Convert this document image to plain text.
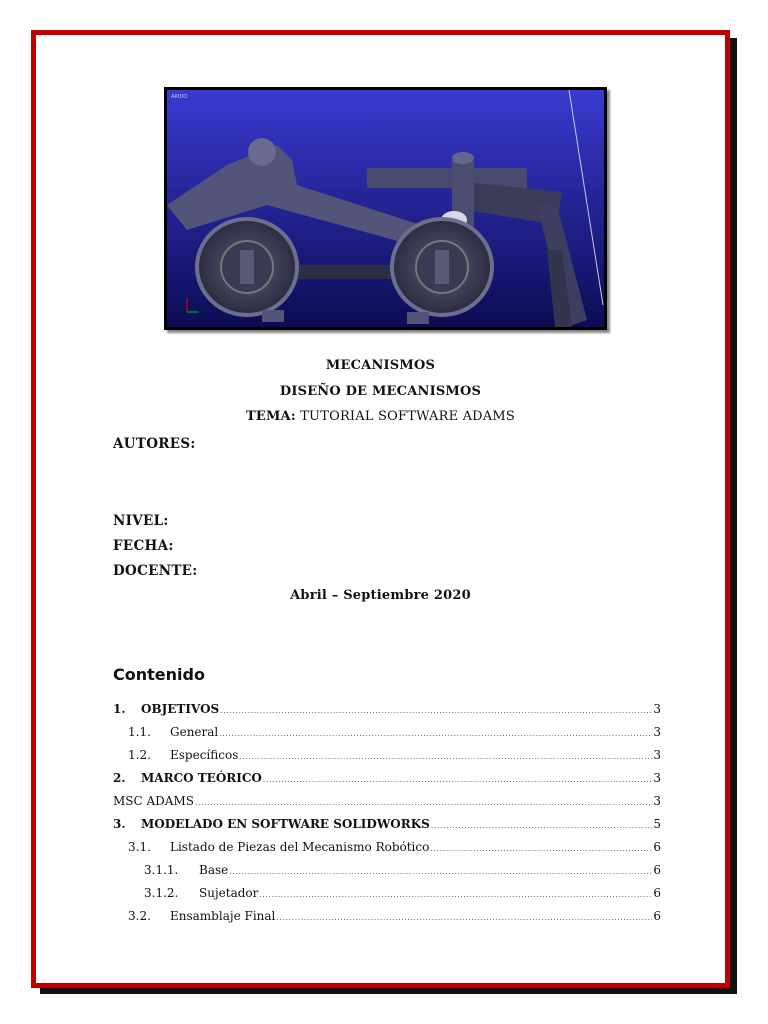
ARIDO
MECANISMOS
DISEÑO DE MECANISMOS
TEMA: TUTORIAL SOFTWARE ADAMS
AUTORES:
NIVEL:
FECHA:
DOCENTE:
Abril – Septiembre 2020
Contenido
1.	OBJETIVOS .....	3
1.1.	General .....	3
1.2.	Específicos .....	3
2.	MARCO TEÓRICO .....	3
MSC ADAMS .....	3
3.	MODELADO EN SOFTWARE SOLIDWORKS .....	5
3.1.	Listado de Piezas del Mecanismo Robótico .....	6
3.1.1.	Base .....	6
3.1.2.	Sujetador .....	6
3.2.	Ensamblaje Final .....	6
